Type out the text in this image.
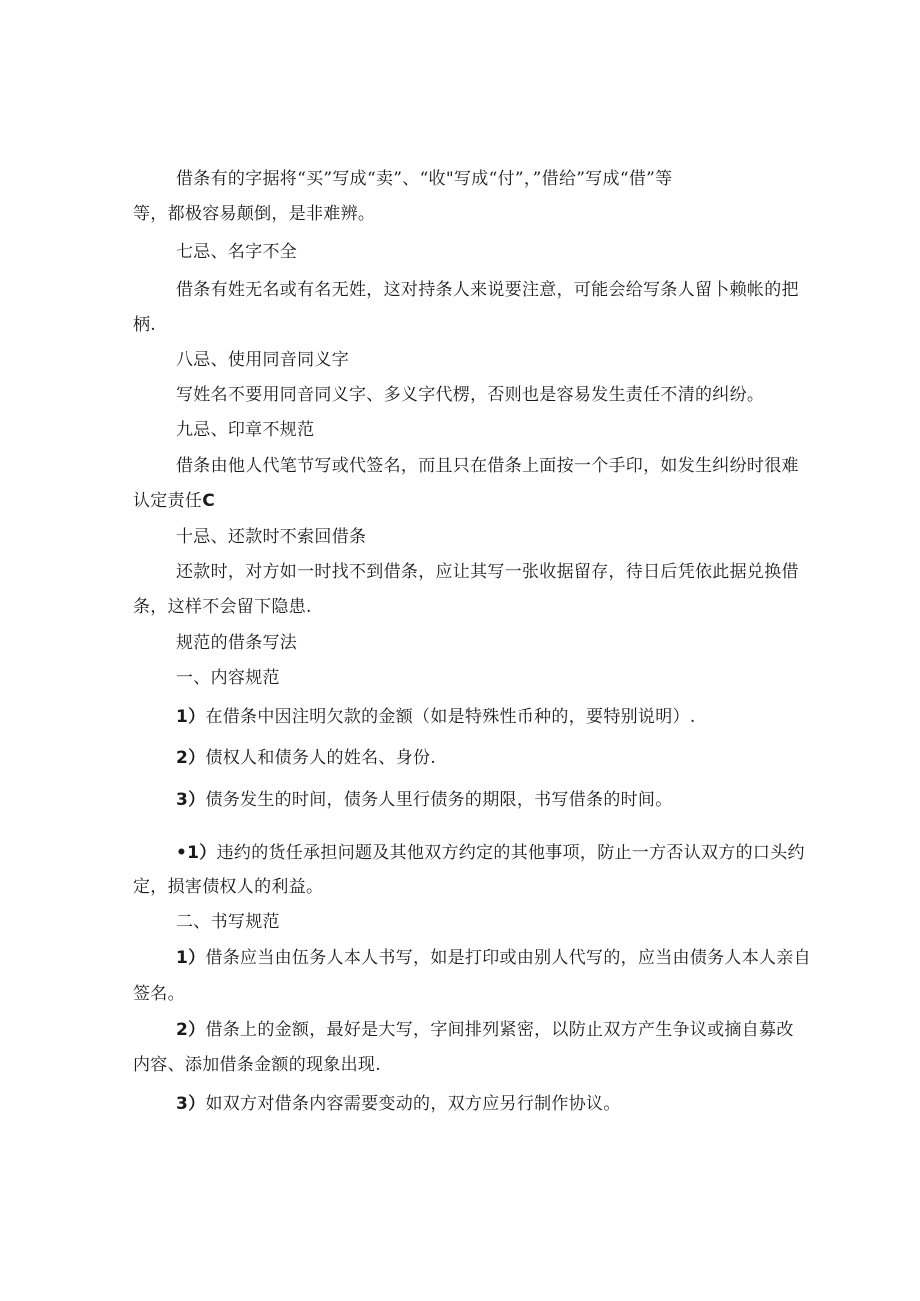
借条有的字据将“买”写成“卖”、“收"写成“付”，”借给”写成“借”等
等，都极容易颠倒，是非难辨。
七忌、名字不全
借条有姓无名或有名无姓，这对持条人来说要注意，可能会给写条人留卜赖帐的把
柄.
八忌、使用同音同义字
写姓名不要用同音同义字、多义字代楞，否则也是容易发生责任不清的纠纷。
九忌、印章不规范
借条由他人代笔节写或代签名，而且只在借条上面按一个手印，如发生纠纷时很难
认定责任C
十忌、还款时不索回借条
还款时，对方如一时找不到借条，应让其写一张收据留存，待日后凭依此据兑换借
条，这样不会留下隐患.
规范的借条写法
一、内容规范
1）在借条中因注明欠款的金额（如是特殊性币种的，要特别说明）.
2）债权人和债务人的姓名、身份.
3）债务发生的时间，债务人里行债务的期限，书写借条的时间。
•1）违约的货任承担问题及其他双方约定的其他事项，防止一方否认双方的口头约
定，损害债权人的利益。
二、书写规范
1）借条应当由伍务人本人书写，如是打印或由别人代写的，应当由债务人本人亲自
签名。
2）借条上的金额，最好是大写，字间排列紧密，以防止双方产生争议或摘自募改
内容、添加借条金额的现象出现.
3）如双方对借条内容需要变动的，双方应另行制作协议。
